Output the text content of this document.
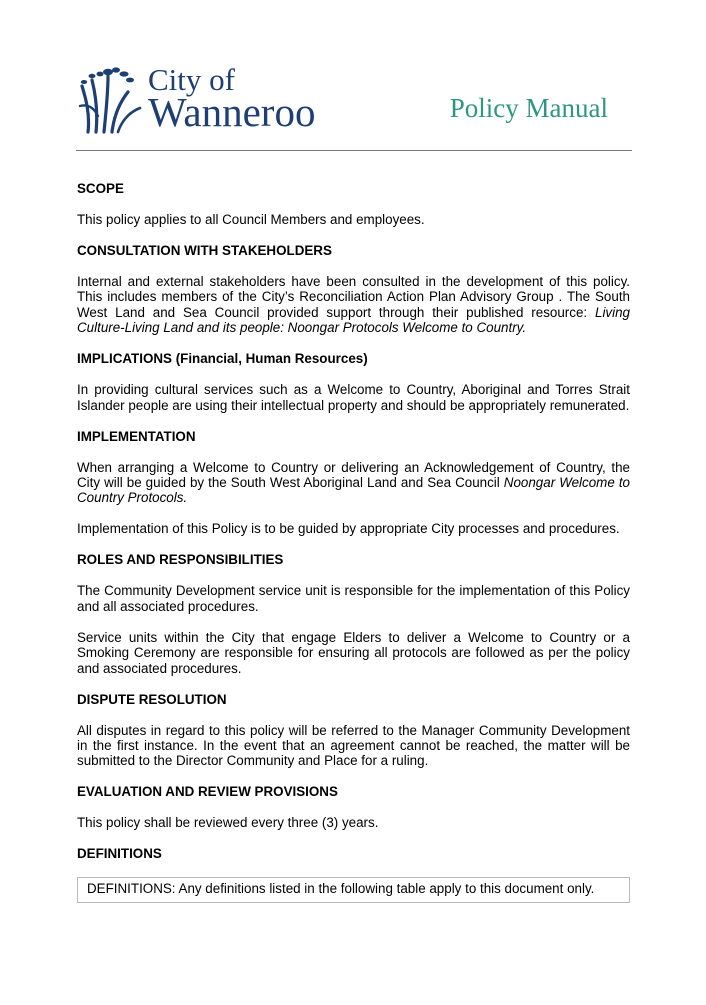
City of
Wanneroo	Policy Manual
SCOPE

This policy applies to all Council Members and employees.

CONSULTATION WITH STAKEHOLDERS

Internal and external stakeholders have been consulted in the development of this policy. This includes members of the City’s Reconciliation Action Plan Advisory Group . The South West Land and Sea Council provided support through their published resource: Living Culture-Living Land and its people: Noongar Protocols Welcome to Country.

IMPLICATIONS (Financial, Human Resources)

In providing cultural services such as a Welcome to Country, Aboriginal and Torres Strait Islander people are using their intellectual property and should be appropriately remunerated.

IMPLEMENTATION

When arranging a Welcome to Country or delivering an Acknowledgement of Country, the City will be guided by the South West Aboriginal Land and Sea Council Noongar Welcome to Country Protocols.

Implementation of this Policy is to be guided by appropriate City processes and procedures.

ROLES AND RESPONSIBILITIES

The Community Development service unit is responsible for the implementation of this Policy and all associated procedures.

Service units within the City that engage Elders to deliver a Welcome to Country or a Smoking Ceremony are responsible for ensuring all protocols are followed as per the policy and associated procedures.

DISPUTE RESOLUTION

All disputes in regard to this policy will be referred to the Manager Community Development in the first instance. In the event that an agreement cannot be reached, the matter will be submitted to the Director Community and Place for a ruling.

EVALUATION AND REVIEW PROVISIONS

This policy shall be reviewed every three (3) years.

DEFINITIONS
DEFINITIONS: Any definitions listed in the following table apply to this document only.
